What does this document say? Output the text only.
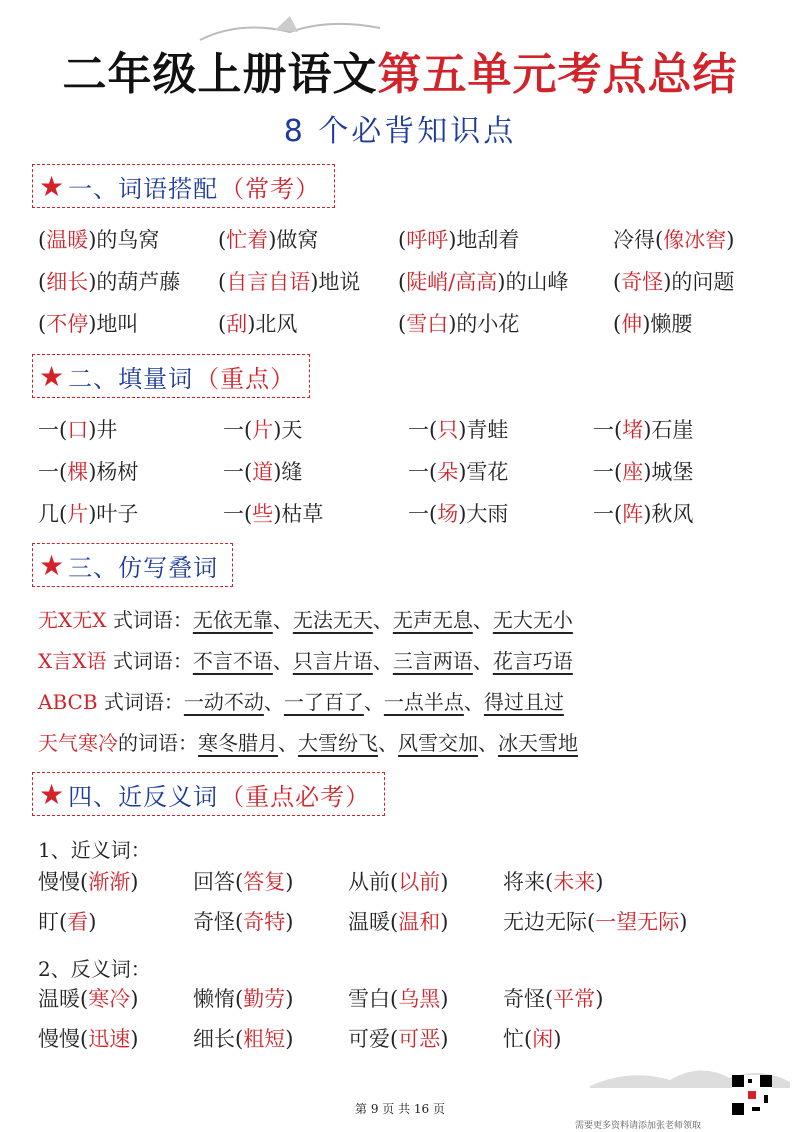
二年级上册语文第五单元考点总结
8 个必背知识点
★ 一、词语搭配 （常考）
(温暖)的鸟窝	(忙着)做窝	(呼呼)地刮着	冷得(像冰窖)
(细长)的葫芦藤 (自言自语)地说 (陡峭/高高)的山峰 (奇怪)的问题
(不停)地叫	(刮)北风	(雪白)的小花	(伸)懒腰
★ 二、填量词 （重点）
一(口)井	一(片)天	一(只)青蛙	一(堵)石崖
一(棵)杨树	一(道)缝	一(朵)雪花	一(座)城堡
几(片)叶子	一(些)枯草	一(场)大雨	一(阵)秋风
★ 三、仿写叠词
无X无X 式词语：无依无靠、无法无天、无声无息、无大无小
X言X语 式词语：不言不语、只言片语、三言两语、花言巧语
ABCB 式词语：一动不动、一了百了、一点半点、得过且过
天气寒冷的词语：寒冬腊月、大雪纷飞、风雪交加、冰天雪地
★ 四、近反义词 （重点必考）
1、近义词：
慢慢(渐渐)	回答(答复)	从前(以前)	将来(未来)
盯(看)	奇怪(奇特)	温暖(温和)	无边无际(一望无际)
2、反义词：
温暖(寒冷)	懒惰(勤劳)	雪白(乌黑)	奇怪(平常)
慢慢(迅速)	细长(粗短)	可爱(可恶)	忙(闲)
第 9 页 共 16 页
需要更多资料请添加张老师领取
